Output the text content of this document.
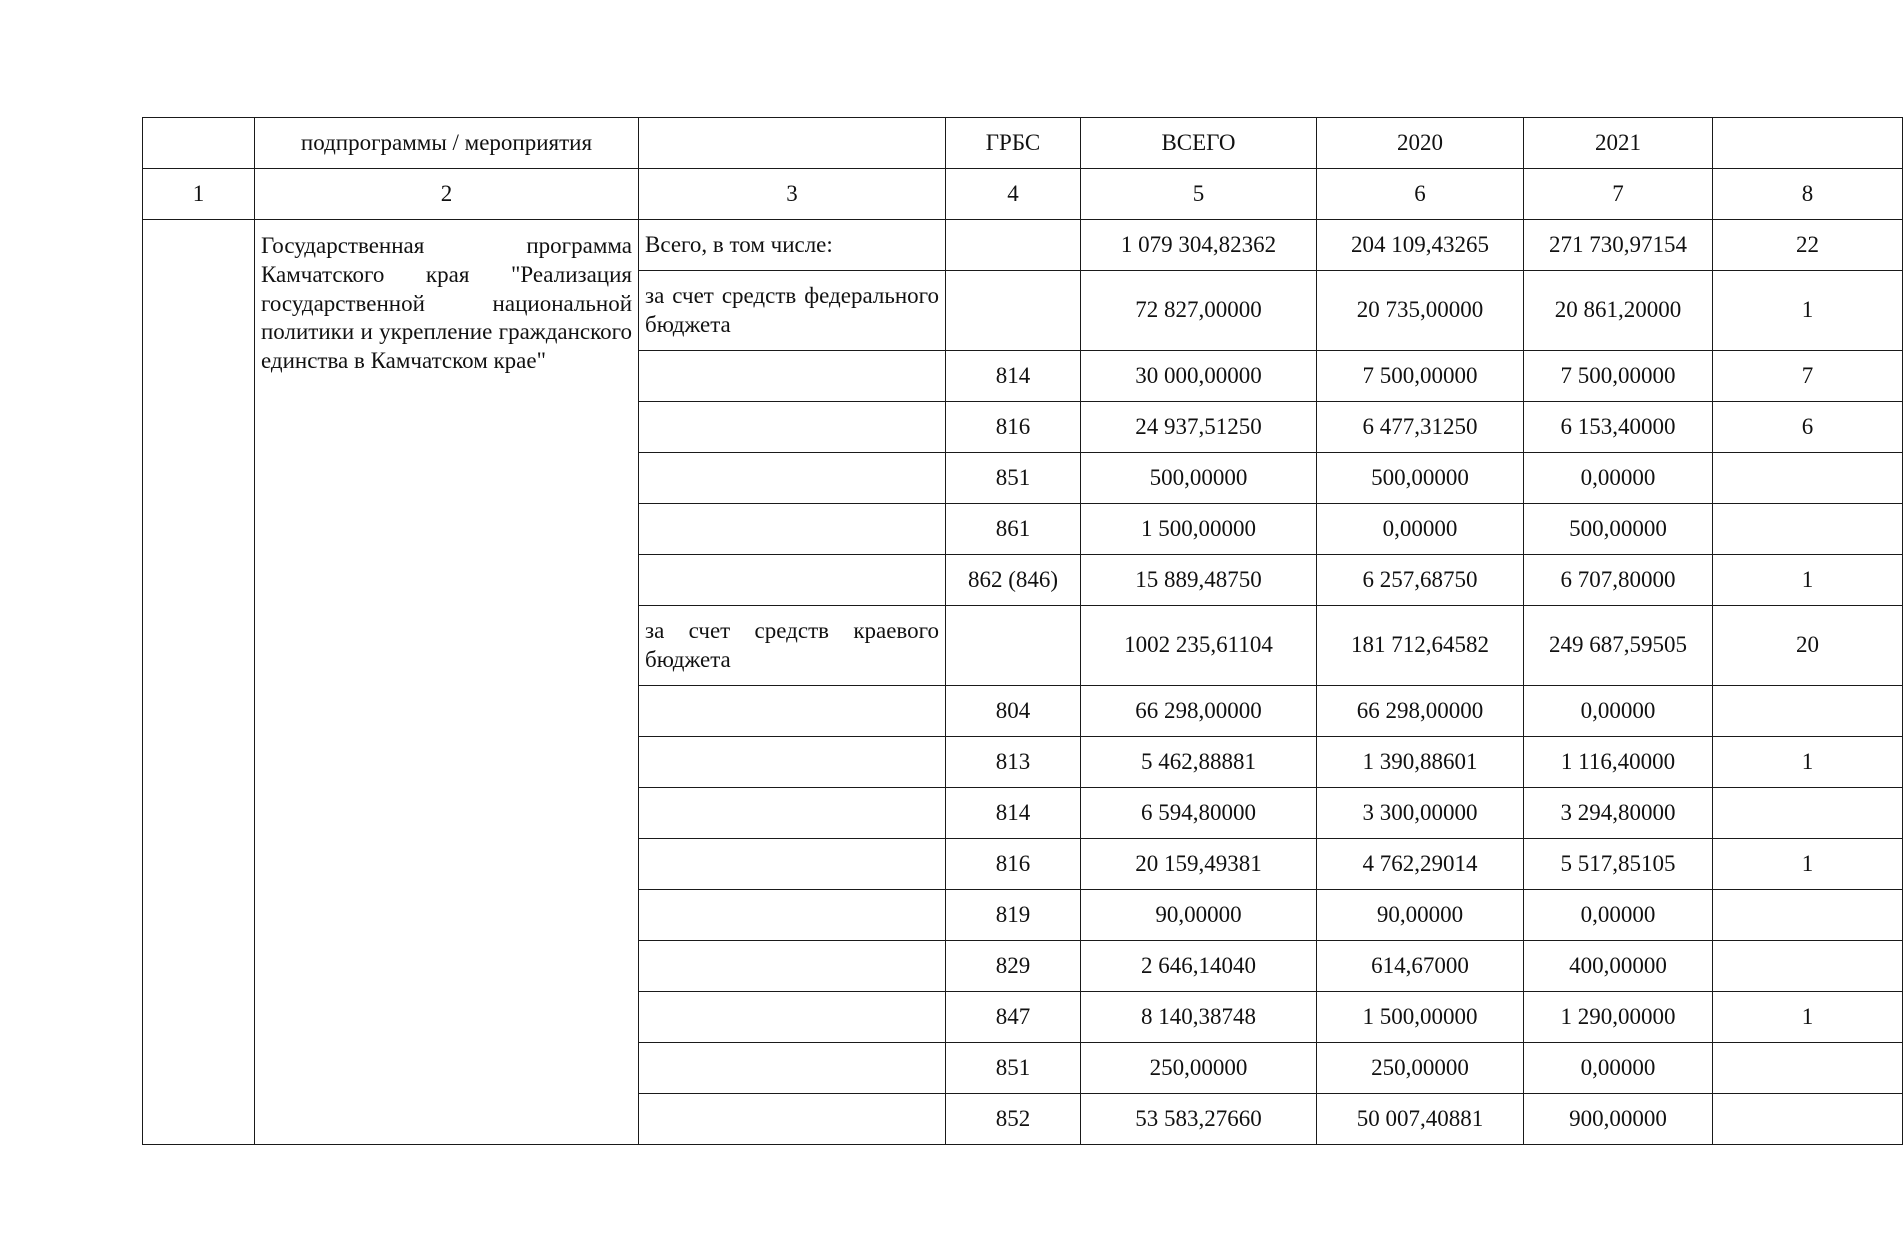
	подпрограммы / мероприятия		ГРБС	ВСЕГО	2020	2021	
1	2	3	4	5	6	7	8
	Государственная программа Камчатского края "Реализация государственной национальной политики и укрепление гражданского единства в Камчатском крае"	Всего, в том числе:		1 079 304,82362	204 109,43265	271 730,97154	22
		за счет средств федерального бюджета		72 827,00000	20 735,00000	20 861,20000	1
			814	30 000,00000	7 500,00000	7 500,00000	7
			816	24 937,51250	6 477,31250	6 153,40000	6
			851	500,00000	500,00000	0,00000	
			861	1 500,00000	0,00000	500,00000	
			862 (846)	15 889,48750	6 257,68750	6 707,80000	1
		за счет средств краевого бюджета		1002 235,61104	181 712,64582	249 687,59505	20
			804	66 298,00000	66 298,00000	0,00000	
			813	5 462,88881	1 390,88601	1 116,40000	1
			814	6 594,80000	3 300,00000	3 294,80000	
			816	20 159,49381	4 762,29014	5 517,85105	1
			819	90,00000	90,00000	0,00000	
			829	2 646,14040	614,67000	400,00000	
			847	8 140,38748	1 500,00000	1 290,00000	1
			851	250,00000	250,00000	0,00000	
			852	53 583,27660	50 007,40881	900,00000	
